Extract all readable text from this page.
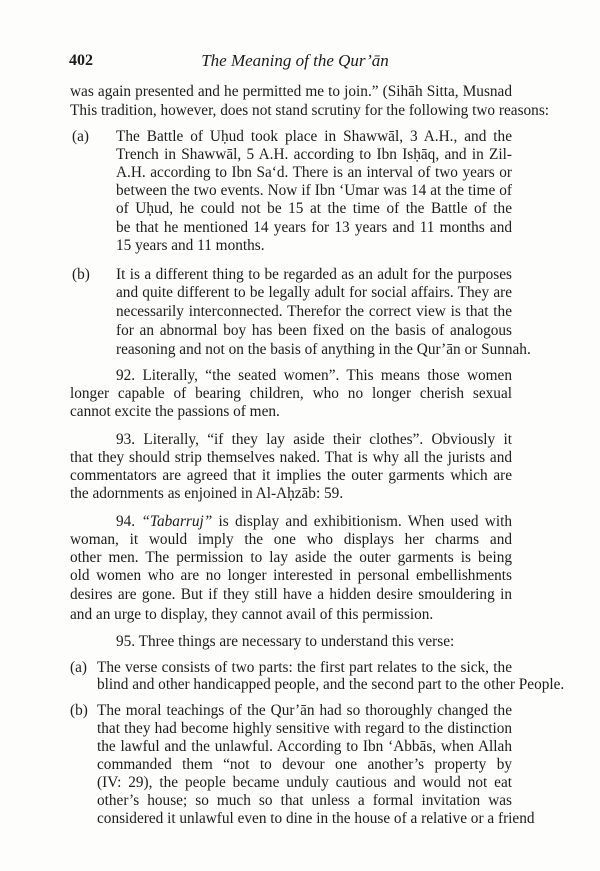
402	The Meaning of the Qur’ān
was again presented and he permitted me to join.” (Sihāh Sitta, Musnad
This tradition, however, does not stand scrutiny for the following two reasons:
(a) The Battle of Uḥud took place in Shawwāl, 3 A.H., and the
Trench in Shawwāl, 5 A.H. according to Ibn Isḥāq, and in Zil-
A.H. according to Ibn Sa‘d. There is an interval of two years or
between the two events. Now if Ibn ‘Umar was 14 at the time of
of Uḥud, he could not be 15 at the time of the Battle of the
be that he mentioned 14 years for 13 years and 11 months and
15 years and 11 months.
(b) It is a different thing to be regarded as an adult for the purposes
and quite different to be legally adult for social affairs. They are
necessarily interconnected. Therefor the correct view is that the
for an abnormal boy has been fixed on the basis of analogous
reasoning and not on the basis of anything in the Qur’ān or Sunnah.
92. Literally, “the seated women”. This means those women
longer capable of bearing children, who no longer cherish sexual
cannot excite the passions of men.
93. Literally, “if they lay aside their clothes”. Obviously it
that they should strip themselves naked. That is why all the jurists and
commentators are agreed that it implies the outer garments which are
the adornments as enjoined in Al-Aḥzāb: 59.
94. “Tabarruj” is display and exhibitionism. When used with
woman, it would imply the one who displays her charms and
other men. The permission to lay aside the outer garments is being
old women who are no longer interested in personal embellishments
desires are gone. But if they still have a hidden desire smouldering in
and an urge to display, they cannot avail of this permission.
95. Three things are necessary to understand this verse:
(a) The verse consists of two parts: the first part relates to the sick, the
blind and other handicapped people, and the second part to the other People.
(b) The moral teachings of the Qur’ān had so thoroughly changed the
that they had become highly sensitive with regard to the distinction
the lawful and the unlawful. According to Ibn ‘Abbās, when Allah
commanded them “not to devour one another’s property by
(IV: 29), the people became unduly cautious and would not eat
other’s house; so much so that unless a formal invitation was
considered it unlawful even to dine in the house of a relative or a friend
